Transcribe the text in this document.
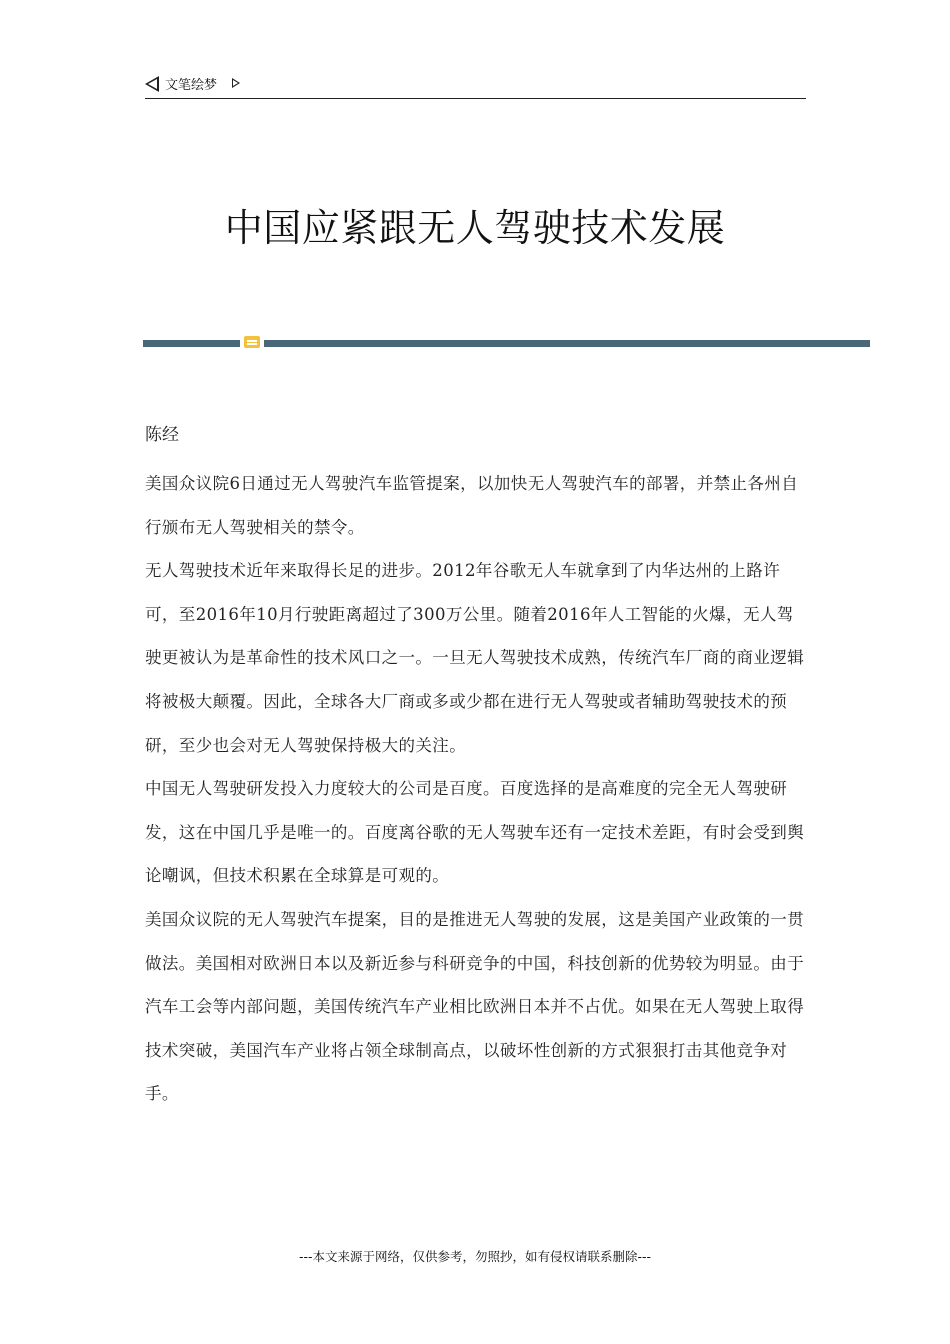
文笔绘梦
中国应紧跟无人驾驶技术发展
陈经

美国众议院6日通过无人驾驶汽车监管提案，以加快无人驾驶汽车的部署，并禁止各州自行颁布无人驾驶相关的禁令。

无人驾驶技术近年来取得长足的进步。2012年谷歌无人车就拿到了内华达州的上路许可，至2016年10月行驶距离超过了300万公里。随着2016年人工智能的火爆，无人驾驶更被认为是革命性的技术风口之一。一旦无人驾驶技术成熟，传统汽车厂商的商业逻辑将被极大颠覆。因此，全球各大厂商或多或少都在进行无人驾驶或者辅助驾驶技术的预研，至少也会对无人驾驶保持极大的关注。

中国无人驾驶研发投入力度较大的公司是百度。百度选择的是高难度的完全无人驾驶研发，这在中国几乎是唯一的。百度离谷歌的无人驾驶车还有一定技术差距，有时会受到舆论嘲讽，但技术积累在全球算是可观的。

美国众议院的无人驾驶汽车提案，目的是推进无人驾驶的发展，这是美国产业政策的一贯做法。美国相对欧洲日本以及新近参与科研竞争的中国，科技创新的优势较为明显。由于汽车工会等内部问题，美国传统汽车产业相比欧洲日本并不占优。如果在无人驾驶上取得技术突破，美国汽车产业将占领全球制高点，以破坏性创新的方式狠狠打击其他竞争对手。

---本文来源于网络，仅供参考，勿照抄，如有侵权请联系删除---
